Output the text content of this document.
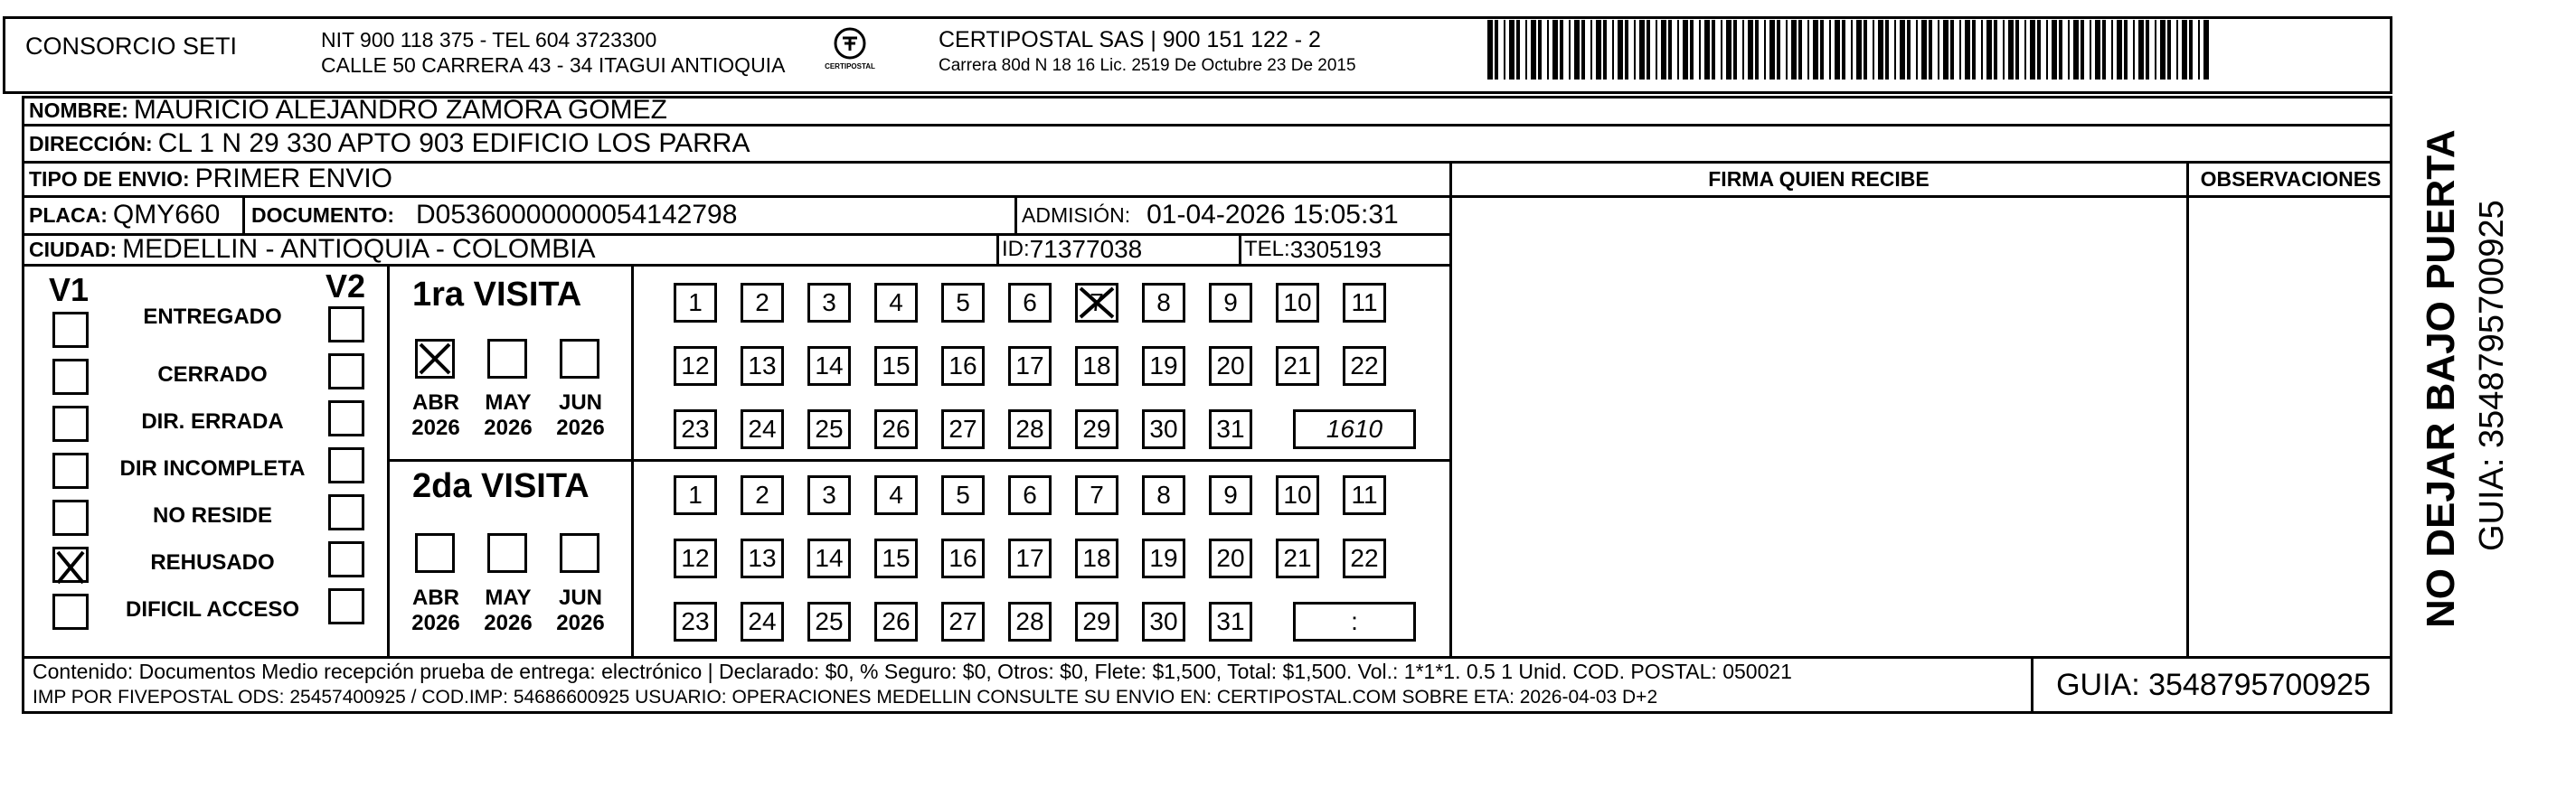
CONSORCIO SETI	NIT 900 118 375 - TEL 604 3723300
CALLE 50 CARRERA 43 - 34 ITAGUI ANTIOQUIA	CERTIPOSTAL
CERTIPOSTAL SAS | 900 151 122 - 2
Carrera 80d N 18 16 Lic. 2519 De Octubre 23 De 2015
NOMBRE: MAURICIO ALEJANDRO ZAMORA GOMEZ
DIRECCIÓN: CL 1 N 29 330 APTO 903 EDIFICIO LOS PARRA
TIPO DE ENVIO: PRIMER ENVIO	FIRMA QUIEN RECIBE	OBSERVACIONES
PLACA: QMY660 DOCUMENTO: D05360000000054142798	ADMISIÓN: 01-04-2026 15:05:31
CIUDAD: MEDELLIN - ANTIOQUIA - COLOMBIA	ID: 71377038	TEL: 3305193
V1	V2
ENTREGADO
CERRADO
DIR. ERRADA
DIR INCOMPLETA
NO RESIDE
REHUSADO
DIFICIL ACCESO
1ra VISITA
2da VISITA
ABR
2026
MAY
2026
JUN
2026
ABR
2026
MAY
2026
JUN
2026
1	2	3	4	5	6	7	8	9	10	11
12	13	14	15	16	17	18	19	20	21	22
23	24	25	26	27	28	29	30	31	1610
1	2	3	4	5	6	7	8	9	10	11
12	13	14	15	16	17	18	19	20	21	22
23	24	25	26	27	28	29	30	31	:	NO DEJAR BAJO PUERTA GUIA: 3548795700925
Contenido: Documentos Medio recepción prueba de entrega: electrónico | Declarado: $0, % Seguro: $0, Otros: $0, Flete: $1,500, Total: $1,500. Vol.: 1*1*1. 0.5 1 Unid. COD. POSTAL: 050021
IMP POR FIVEPOSTAL ODS: 25457400925 / COD.IMP: 54686600925 USUARIO: OPERACIONES MEDELLIN CONSULTE SU ENVIO EN: CERTIPOSTAL.COM SOBRE ETA: 2026-04-03 D+2	GUIA: 3548795700925
